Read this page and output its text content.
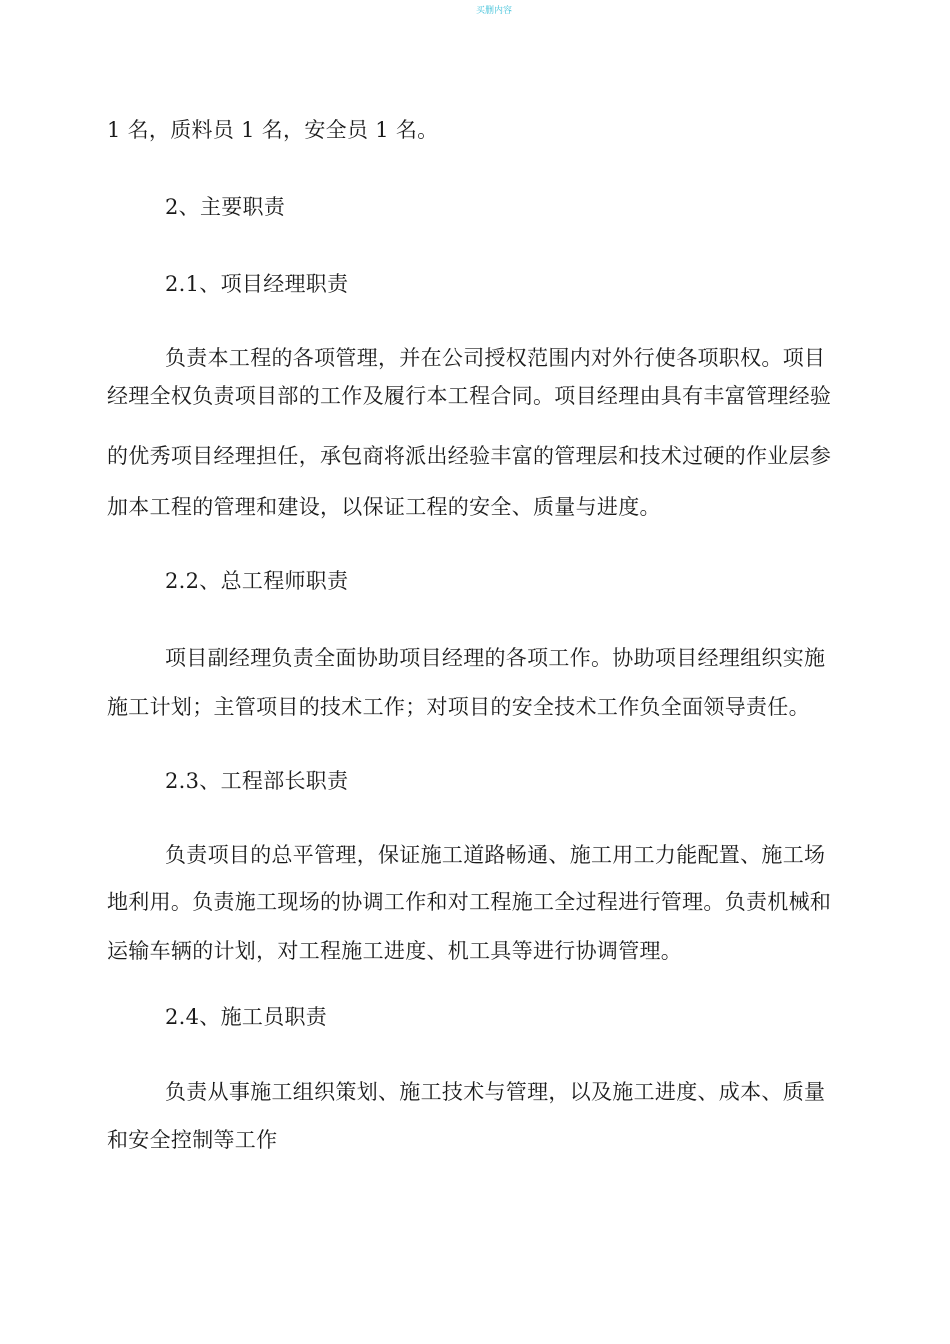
买删内容
1 名，质料员 1 名，安全员 1 名。
2、主要职责
2.1、项目经理职责
负责本工程的各项管理，并在公司授权范围内对外行使各项职权。项目
经理全权负责项目部的工作及履行本工程合同。项目经理由具有丰富管理经验
的优秀项目经理担任，承包商将派出经验丰富的管理层和技术过硬的作业层参
加本工程的管理和建设，以保证工程的安全、质量与进度。
2.2、总工程师职责
项目副经理负责全面协助项目经理的各项工作。协助项目经理组织实施
施工计划；主管项目的技术工作；对项目的安全技术工作负全面领导责任。
2.3、工程部长职责
负责项目的总平管理，保证施工道路畅通、施工用工力能配置、施工场
地利用。负责施工现场的协调工作和对工程施工全过程进行管理。负责机械和
运输车辆的计划，对工程施工进度、机工具等进行协调管理。
2.4、施工员职责
负责从事施工组织策划、施工技术与管理，以及施工进度、成本、质量
和安全控制等工作
